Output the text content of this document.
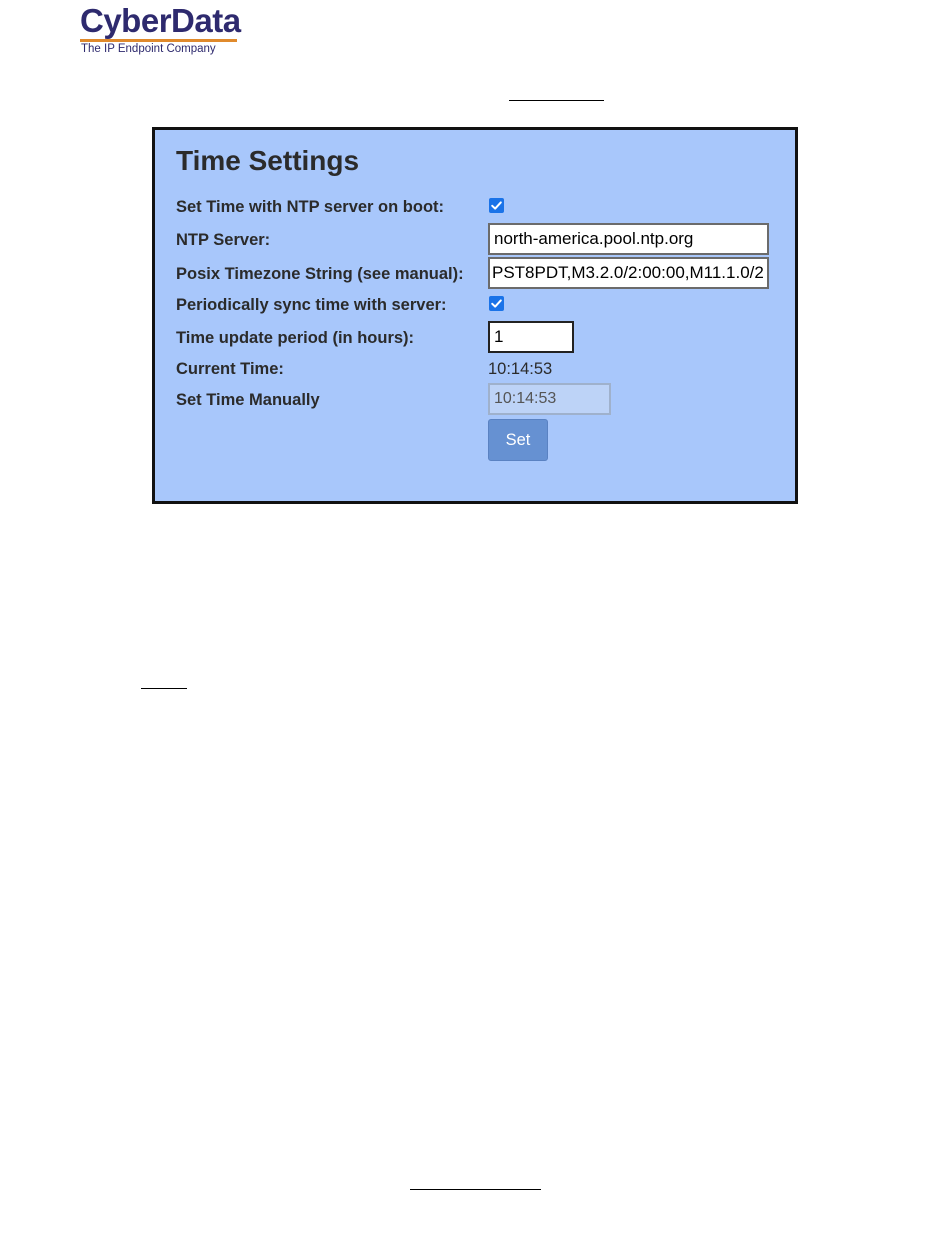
CyberData
The IP Endpoint Company
Time Settings
Set Time with NTP server on boot:
NTP Server:
north-america.pool.ntp.org
Posix Timezone String (see manual):
PST8PDT,M3.2.0/2:00:00,M11.1.0/2:00:00
Periodically sync time with server:
Time update period (in hours):
1
Current Time:	10:14:53
Set Time Manually
10:14:53
Set
